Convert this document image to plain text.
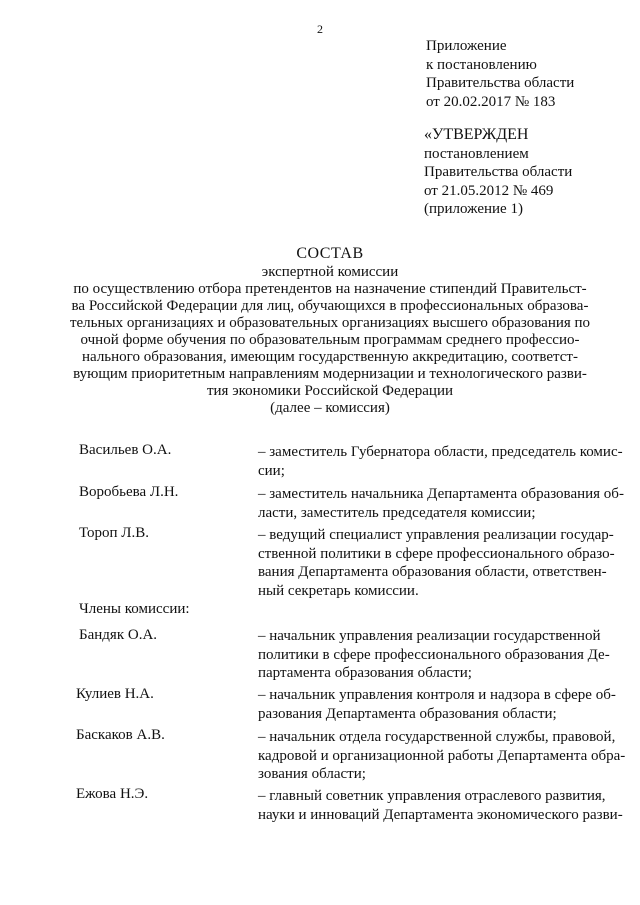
2
Приложение
к постановлению
Правительства области
от 20.02.2017 № 183
«УТВЕРЖДЕН
постановлением
Правительства области
от 21.05.2012 № 469
(приложение 1)
СОСТАВ
экспертной комиссии
по осуществлению отбора претендентов на назначение стипендий Правительст-
ва Российской Федерации для лиц, обучающихся в профессиональных образова-
тельных организациях и образовательных организациях высшего образования по
очной форме обучения по образовательным программам среднего профессио-
нального образования, имеющим государственную аккредитацию, соответст-
вующим приоритетным направлениям модернизации и технологического разви-
тия экономики Российской Федерации
(далее – комиссия)
Васильев О.А.	– заместитель Губернатора области, председатель комис-
сии;
Воробьева Л.Н.	– заместитель начальника Департамента образования об-
ласти, заместитель председателя комиссии;
Тороп Л.В.	– ведущий специалист управления реализации государ-
ственной политики в сфере профессионального образо-
вания Департамента образования области, ответствен-
ный секретарь комиссии.
Члены комиссии:
Бандяк О.А.	– начальник управления реализации государственной
политики в сфере профессионального образования Де-
партамента образования области;
Кулиев Н.А.	– начальник управления контроля и надзора в сфере об-
разования Департамента образования области;
Баскаков А.В.	– начальник отдела государственной службы, правовой,
кадровой и организационной работы Департамента обра-
зования области;
Ежова Н.Э.	– главный советник управления отраслевого развития,
науки и инноваций Департамента экономического разви-
